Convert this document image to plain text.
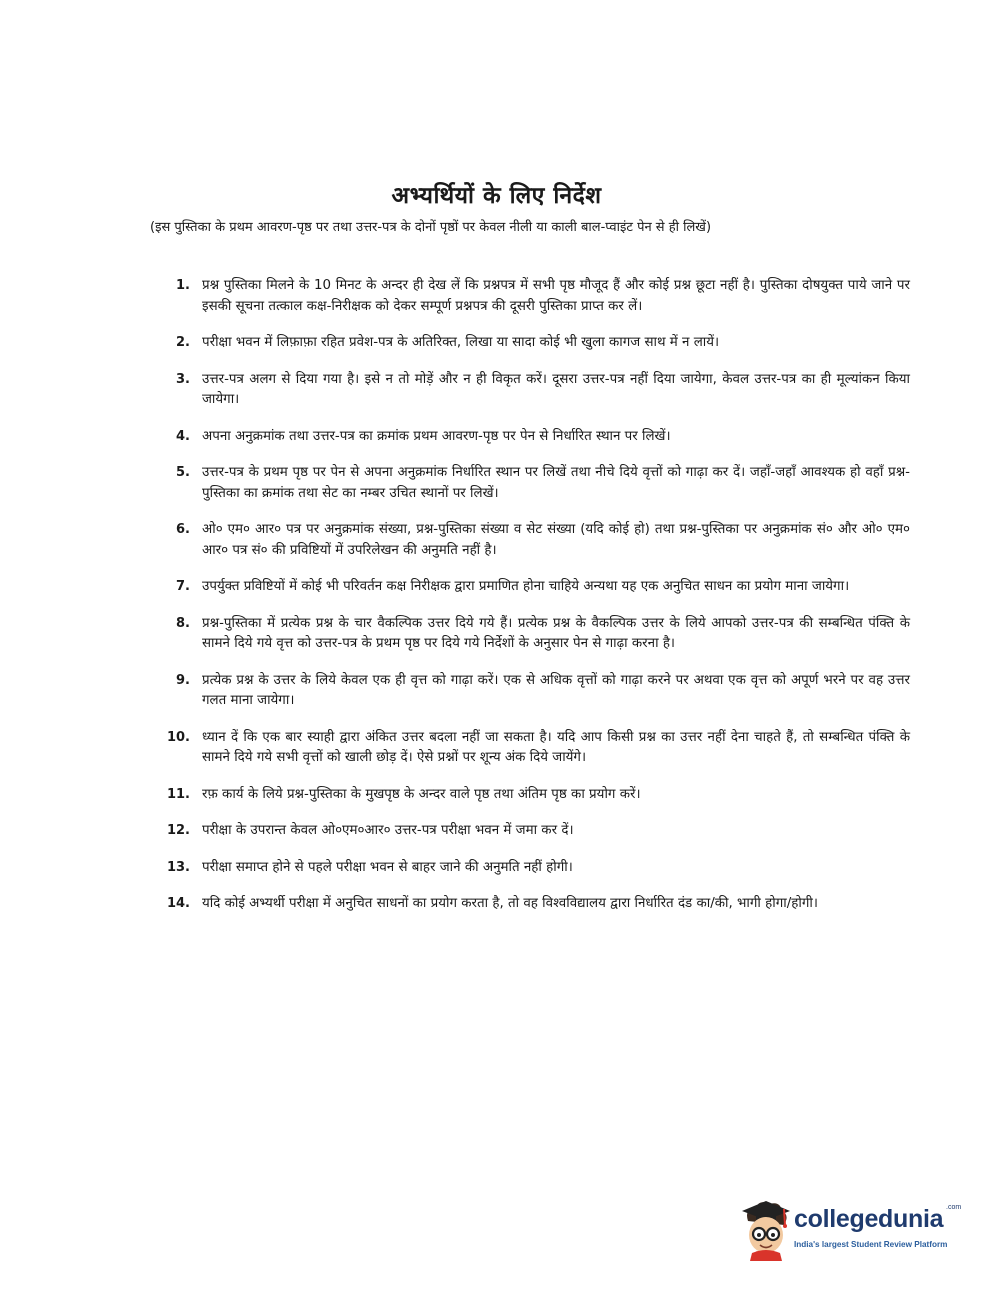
अभ्यर्थियों के लिए निर्देश
(इस पुस्तिका के प्रथम आवरण-पृष्ठ पर तथा उत्तर-पत्र के दोनों पृष्ठों पर केवल नीली या काली बाल-प्वाइंट पेन से ही लिखें)
1. प्रश्न पुस्तिका मिलने के 10 मिनट के अन्दर ही देख लें कि प्रश्नपत्र में सभी पृष्ठ मौजूद हैं और कोई प्रश्न छूटा नहीं है। पुस्तिका दोषयुक्त पाये जाने पर इसकी सूचना तत्काल कक्ष-निरीक्षक को देकर सम्पूर्ण प्रश्नपत्र की दूसरी पुस्तिका प्राप्त कर लें।
2. परीक्षा भवन में लिफ़ाफ़ा रहित प्रवेश-पत्र के अतिरिक्त, लिखा या सादा कोई भी खुला कागज साथ में न लायें।
3. उत्तर-पत्र अलग से दिया गया है। इसे न तो मोड़ें और न ही विकृत करें। दूसरा उत्तर-पत्र नहीं दिया जायेगा, केवल उत्तर-पत्र का ही मूल्यांकन किया जायेगा।
4. अपना अनुक्रमांक तथा उत्तर-पत्र का क्रमांक प्रथम आवरण-पृष्ठ पर पेन से निर्धारित स्थान पर लिखें।
5. उत्तर-पत्र के प्रथम पृष्ठ पर पेन से अपना अनुक्रमांक निर्धारित स्थान पर लिखें तथा नीचे दिये वृत्तों को गाढ़ा कर दें। जहाँ-जहाँ आवश्यक हो वहाँ प्रश्न-पुस्तिका का क्रमांक तथा सेट का नम्बर उचित स्थानों पर लिखें।
6. ओ० एम० आर० पत्र पर अनुक्रमांक संख्या, प्रश्न-पुस्तिका संख्या व सेट संख्या (यदि कोई हो) तथा प्रश्न-पुस्तिका पर अनुक्रमांक सं० और ओ० एम० आर० पत्र सं० की प्रविष्टियों में उपरिलेखन की अनुमति नहीं है।
7. उपर्युक्त प्रविष्टियों में कोई भी परिवर्तन कक्ष निरीक्षक द्वारा प्रमाणित होना चाहिये अन्यथा यह एक अनुचित साधन का प्रयोग माना जायेगा।
8. प्रश्न-पुस्तिका में प्रत्येक प्रश्न के चार वैकल्पिक उत्तर दिये गये हैं। प्रत्येक प्रश्न के वैकल्पिक उत्तर के लिये आपको उत्तर-पत्र की सम्बन्धित पंक्ति के सामने दिये गये वृत्त को उत्तर-पत्र के प्रथम पृष्ठ पर दिये गये निर्देशों के अनुसार पेन से गाढ़ा करना है।
9. प्रत्येक प्रश्न के उत्तर के लिये केवल एक ही वृत्त को गाढ़ा करें। एक से अधिक वृत्तों को गाढ़ा करने पर अथवा एक वृत्त को अपूर्ण भरने पर वह उत्तर गलत माना जायेगा।
10. ध्यान दें कि एक बार स्याही द्वारा अंकित उत्तर बदला नहीं जा सकता है। यदि आप किसी प्रश्न का उत्तर नहीं देना चाहते हैं, तो सम्बन्धित पंक्ति के सामने दिये गये सभी वृत्तों को खाली छोड़ दें। ऐसे प्रश्नों पर शून्य अंक दिये जायेंगे।
11. रफ़ कार्य के लिये प्रश्न-पुस्तिका के मुखपृष्ठ के अन्दर वाले पृष्ठ तथा अंतिम पृष्ठ का प्रयोग करें।
12. परीक्षा के उपरान्त केवल ओ०एम०आर० उत्तर-पत्र परीक्षा भवन में जमा कर दें।
13. परीक्षा समाप्त होने से पहले परीक्षा भवन से बाहर जाने की अनुमति नहीं होगी।
14. यदि कोई अभ्यर्थी परीक्षा में अनुचित साधनों का प्रयोग करता है, तो वह विश्वविद्यालय द्वारा निर्धारित दंड का/की, भागी होगा/होगी।
collegedunia .com
India's largest Student Review Platform
